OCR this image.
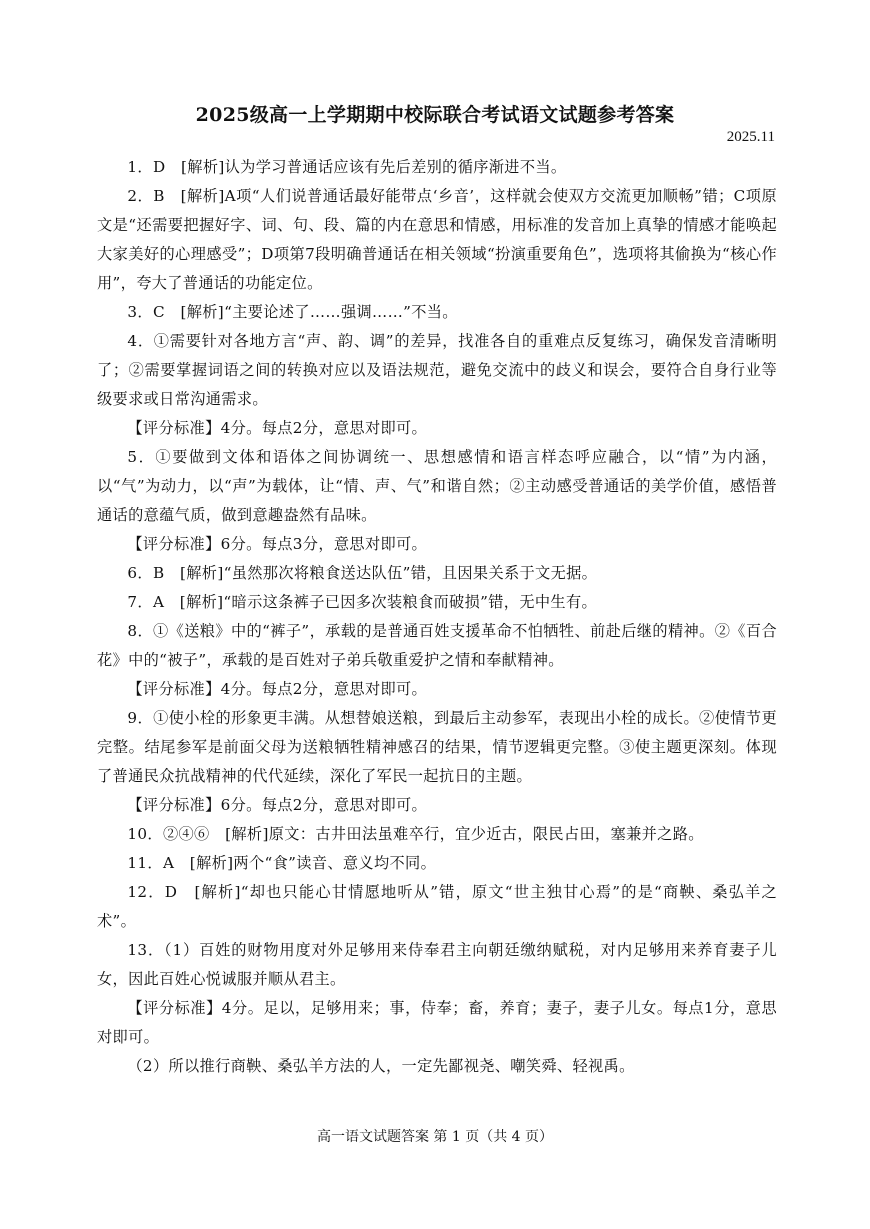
2025级高一上学期期中校际联合考试语文试题参考答案
2025.11

1．D　[解析]认为学习普通话应该有先后差别的循序渐进不当。

2．B　[解析]A项“人们说普通话最好能带点‘乡音’，这样就会使双方交流更加顺畅”错；C项原文是“还需要把握好字、词、句、段、篇的内在意思和情感，用标准的发音加上真挚的情感才能唤起大家美好的心理感受”；D项第7段明确普通话在相关领域“扮演重要角色”，选项将其偷换为“核心作用”，夸大了普通话的功能定位。

3．C　[解析]“主要论述了……强调……”不当。

4．①需要针对各地方言“声、韵、调”的差异，找准各自的重难点反复练习，确保发音清晰明了；②需要掌握词语之间的转换对应以及语法规范，避免交流中的歧义和误会，要符合自身行业等级要求或日常沟通需求。

【评分标准】4分。每点2分，意思对即可。

5．①要做到文体和语体之间协调统一、思想感情和语言样态呼应融合，以“情”为内涵，以“气”为动力，以“声”为载体，让“情、声、气”和谐自然；②主动感受普通话的美学价值，感悟普通话的意蕴气质，做到意趣盎然有品味。

【评分标准】6分。每点3分，意思对即可。

6．B　[解析]“虽然那次将粮食送达队伍”错，且因果关系于文无据。

7．A　[解析]“暗示这条裤子已因多次装粮食而破损”错，无中生有。

8．①《送粮》中的“裤子”，承载的是普通百姓支援革命不怕牺牲、前赴后继的精神。②《百合花》中的“被子”，承载的是百姓对子弟兵敬重爱护之情和奉献精神。

【评分标准】4分。每点2分，意思对即可。

9．①使小栓的形象更丰满。从想替娘送粮，到最后主动参军，表现出小栓的成长。②使情节更完整。结尾参军是前面父母为送粮牺牲精神感召的结果，情节逻辑更完整。③使主题更深刻。体现了普通民众抗战精神的代代延续，深化了军民一起抗日的主题。

【评分标准】6分。每点2分，意思对即可。

10．②④⑥　[解析]原文：古井田法虽难卒行，宜少近古，限民占田，塞兼并之路。

11．A　[解析]两个“食”读音、意义均不同。

12．D　[解析]“却也只能心甘情愿地听从”错，原文“世主独甘心焉”的是“商鞅、桑弘羊之术”。

13．（1）百姓的财物用度对外足够用来侍奉君主向朝廷缴纳赋税，对内足够用来养育妻子儿女，因此百姓心悦诚服并顺从君主。

【评分标准】4分。足以，足够用来；事，侍奉；畜，养育；妻子，妻子儿女。每点1分，意思对即可。

（2）所以推行商鞅、桑弘羊方法的人，一定先鄙视尧、嘲笑舜、轻视禹。

高一语文试题答案 第 1 页（共 4 页）
